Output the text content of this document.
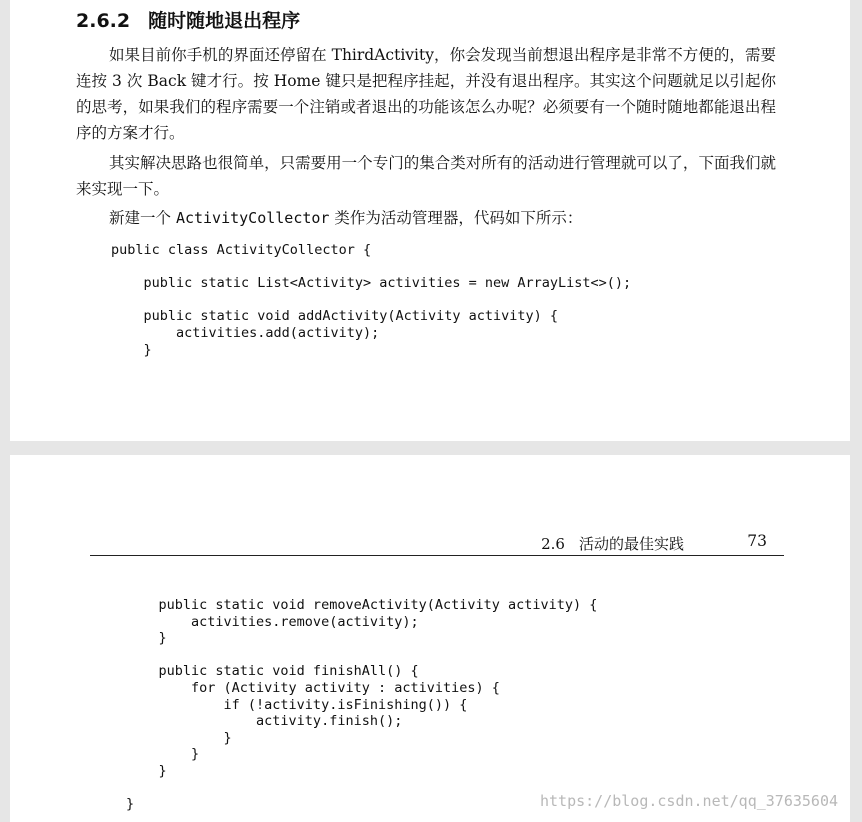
2.6.2 随时随地退出程序
如果目前你手机的界面还停留在 ThirdActivity，你会发现当前想退出程序是非常不方便的，需要连按 3 次 Back 键才行。按 Home 键只是把程序挂起，并没有退出程序。其实这个问题就足以引起你的思考，如果我们的程序需要一个注销或者退出的功能该怎么办呢？必须要有一个随时随地都能退出程序的方案才行。
其实解决思路也很简单，只需要用一个专门的集合类对所有的活动进行管理就可以了，下面我们就来实现一下。
新建一个 ActivityCollector 类作为活动管理器，代码如下所示：
public class ActivityCollector {

public static List<Activity> activities = new ArrayList<>();

public static void addActivity(Activity activity) {
activities.add(activity);
}
2.6 活动的最佳实践	73
public static void removeActivity(Activity activity) {
activities.remove(activity);
}

public static void finishAll() {
for (Activity activity : activities) {
if (!activity.isFinishing()) {
activity.finish();
}
}
}

}	https://blog.csdn.net/qq_37635604
